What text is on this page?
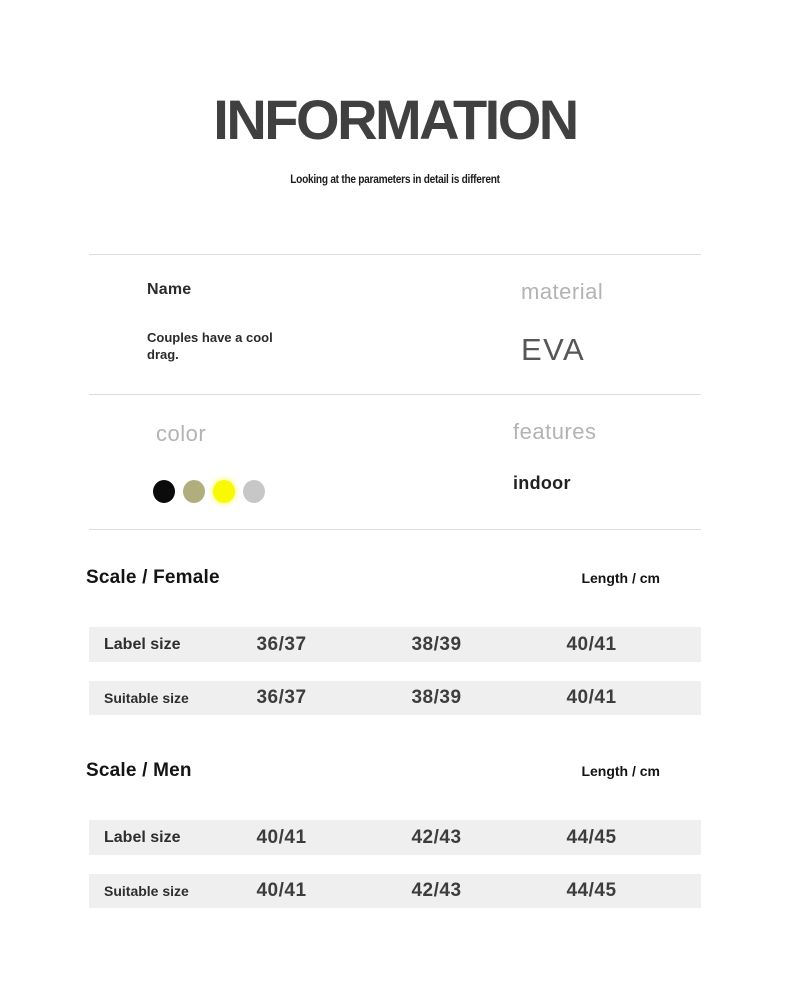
INFORMATION

Looking at the parameters in detail is different

Name
Couples have a cool drag.
material
EVA
color	features
indoor
Scale / Female	Length / cm
Label size	36/37	38/39	40/41
Suitable size	36/37	38/39	40/41
Scale / Men	Length / cm
Label size	40/41	42/43	44/45
Suitable size	40/41	42/43	44/45
